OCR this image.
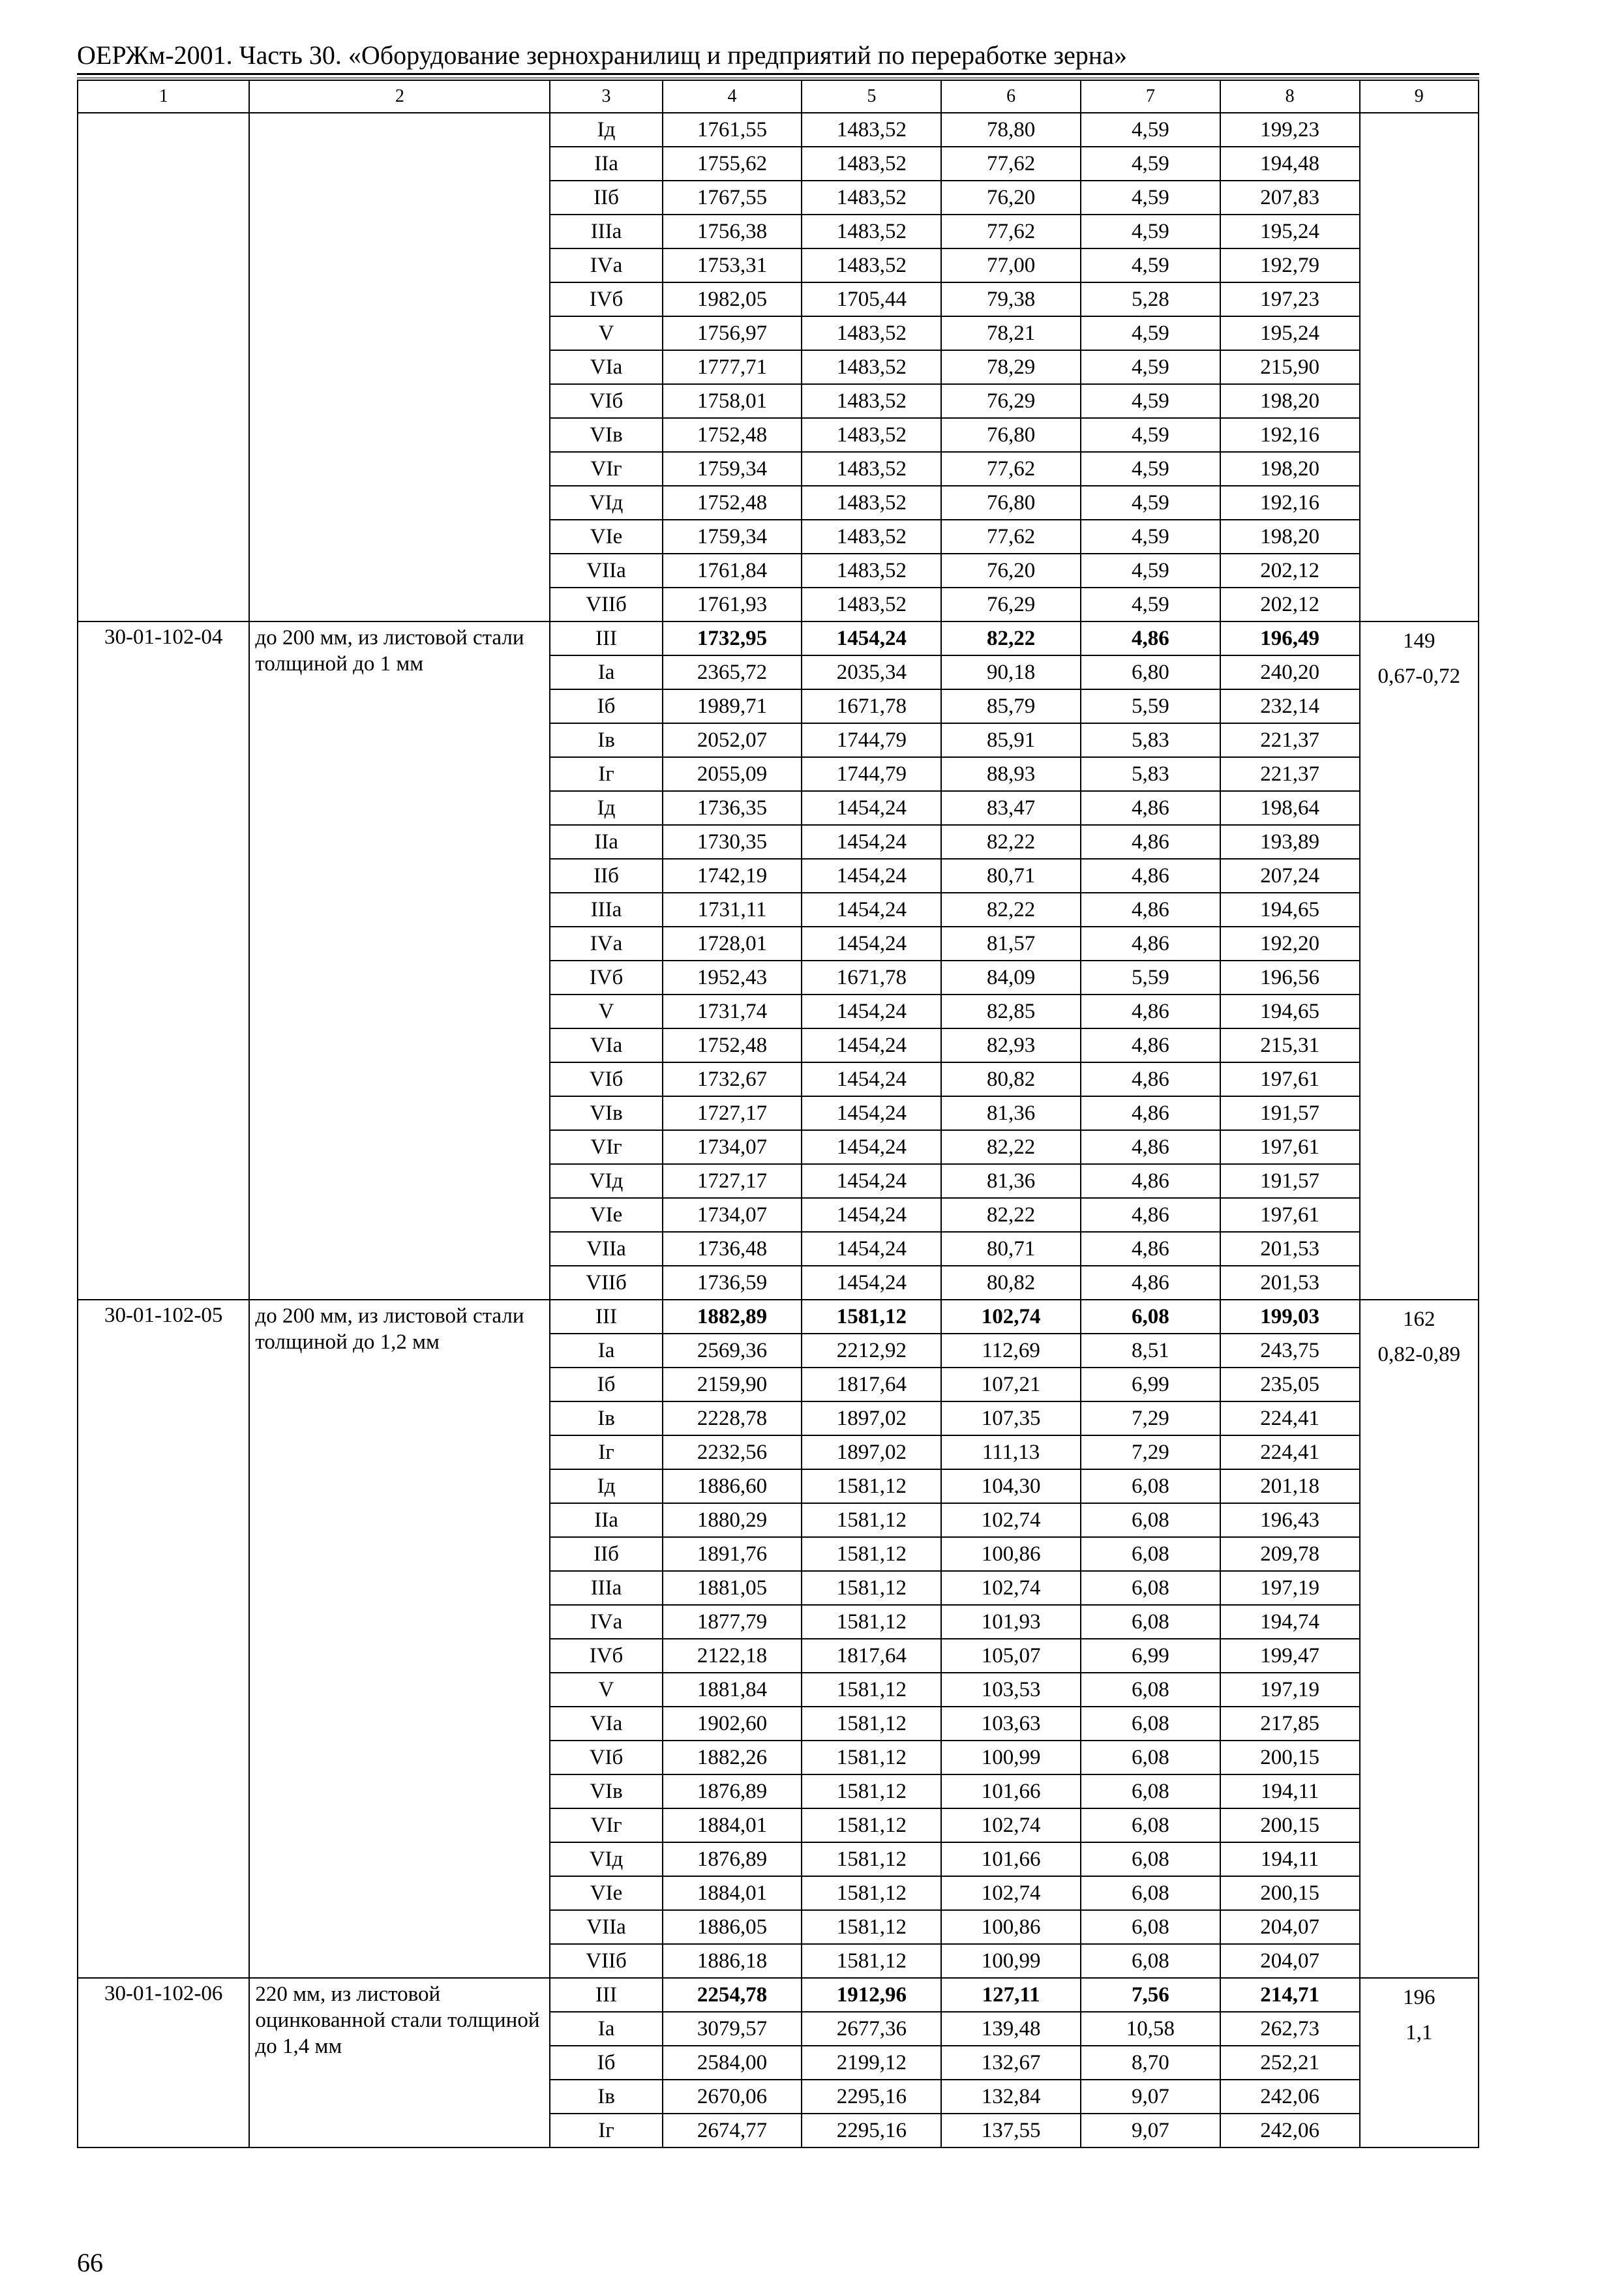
ОЕРЖм-2001. Часть 30. «Оборудование зернохранилищ и предприятий по переработке зерна»
1	2	3	4	5	6	7	8	9
		Iд	1761,55	1483,52	78,80	4,59	199,23	
		IIа	1755,62	1483,52	77,62	4,59	194,48	
		IIб	1767,55	1483,52	76,20	4,59	207,83	
		IIIа	1756,38	1483,52	77,62	4,59	195,24	
		IVа	1753,31	1483,52	77,00	4,59	192,79	
		IVб	1982,05	1705,44	79,38	5,28	197,23	
		V	1756,97	1483,52	78,21	4,59	195,24	
		VIа	1777,71	1483,52	78,29	4,59	215,90	
		VIб	1758,01	1483,52	76,29	4,59	198,20	
		VIв	1752,48	1483,52	76,80	4,59	192,16	
		VIг	1759,34	1483,52	77,62	4,59	198,20	
		VIд	1752,48	1483,52	76,80	4,59	192,16	
		VIе	1759,34	1483,52	77,62	4,59	198,20	
		VIIа	1761,84	1483,52	76,20	4,59	202,12	
		VIIб	1761,93	1483,52	76,29	4,59	202,12	
30-01-102-04	до 200 мм, из листовой стали толщиной до 1 мм	III	1732,95	1454,24	82,22	4,86	196,49	149
0,67-0,72

		Iа	2365,72	2035,34	90,18	6,80	240,20	
		Iб	1989,71	1671,78	85,79	5,59	232,14	
		Iв	2052,07	1744,79	85,91	5,83	221,37	
		Iг	2055,09	1744,79	88,93	5,83	221,37	
		Iд	1736,35	1454,24	83,47	4,86	198,64	
		IIа	1730,35	1454,24	82,22	4,86	193,89	
		IIб	1742,19	1454,24	80,71	4,86	207,24	
		IIIа	1731,11	1454,24	82,22	4,86	194,65	
		IVа	1728,01	1454,24	81,57	4,86	192,20	
		IVб	1952,43	1671,78	84,09	5,59	196,56	
		V	1731,74	1454,24	82,85	4,86	194,65	
		VIа	1752,48	1454,24	82,93	4,86	215,31	
		VIб	1732,67	1454,24	80,82	4,86	197,61	
		VIв	1727,17	1454,24	81,36	4,86	191,57	
		VIг	1734,07	1454,24	82,22	4,86	197,61	
		VIд	1727,17	1454,24	81,36	4,86	191,57	
		VIе	1734,07	1454,24	82,22	4,86	197,61	
		VIIа	1736,48	1454,24	80,71	4,86	201,53	
		VIIб	1736,59	1454,24	80,82	4,86	201,53	
30-01-102-05	до 200 мм, из листовой стали толщиной до 1,2 мм	III	1882,89	1581,12	102,74	6,08	199,03	162
0,82-0,89

		Iа	2569,36	2212,92	112,69	8,51	243,75	
		Iб	2159,90	1817,64	107,21	6,99	235,05	
		Iв	2228,78	1897,02	107,35	7,29	224,41	
		Iг	2232,56	1897,02	111,13	7,29	224,41	
		Iд	1886,60	1581,12	104,30	6,08	201,18	
		IIа	1880,29	1581,12	102,74	6,08	196,43	
		IIб	1891,76	1581,12	100,86	6,08	209,78	
		IIIа	1881,05	1581,12	102,74	6,08	197,19	
		IVа	1877,79	1581,12	101,93	6,08	194,74	
		IVб	2122,18	1817,64	105,07	6,99	199,47	
		V	1881,84	1581,12	103,53	6,08	197,19	
		VIа	1902,60	1581,12	103,63	6,08	217,85	
		VIб	1882,26	1581,12	100,99	6,08	200,15	
		VIв	1876,89	1581,12	101,66	6,08	194,11	
		VIг	1884,01	1581,12	102,74	6,08	200,15	
		VIд	1876,89	1581,12	101,66	6,08	194,11	
		VIе	1884,01	1581,12	102,74	6,08	200,15	
		VIIа	1886,05	1581,12	100,86	6,08	204,07	
		VIIб	1886,18	1581,12	100,99	6,08	204,07	
30-01-102-06	220 мм, из листовой оцинкованной стали толщиной до 1,4 мм	III	2254,78	1912,96	127,11	7,56	214,71	196
1,1

		Iа	3079,57	2677,36	139,48	10,58	262,73	
		Iб	2584,00	2199,12	132,67	8,70	252,21	
		Iв	2670,06	2295,16	132,84	9,07	242,06	
		Iг	2674,77	2295,16	137,55	9,07	242,06	
66
